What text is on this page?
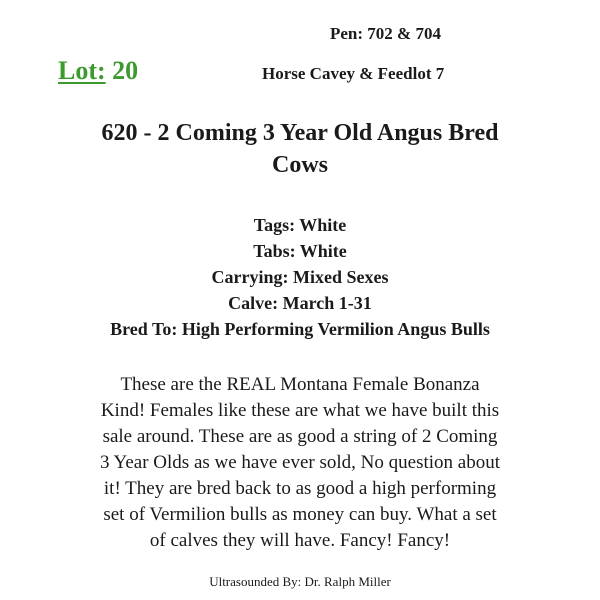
Pen: 702 & 704
Lot: 20	Horse Cavey & Feedlot 7
620 - 2 Coming 3 Year Old Angus Bred
Cows
Tags: White
Tabs: White
Carrying: Mixed Sexes
Calve: March 1-31
Bred To: High Performing Vermilion Angus Bulls
These are the REAL Montana Female Bonanza
Kind! Females like these are what we have built this
sale around. These are as good a string of 2 Coming
3 Year Olds as we have ever sold, No question about
it! They are bred back to as good a high performing
set of Vermilion bulls as money can buy. What a set
of calves they will have. Fancy! Fancy!
Ultrasounded By: Dr. Ralph Miller
